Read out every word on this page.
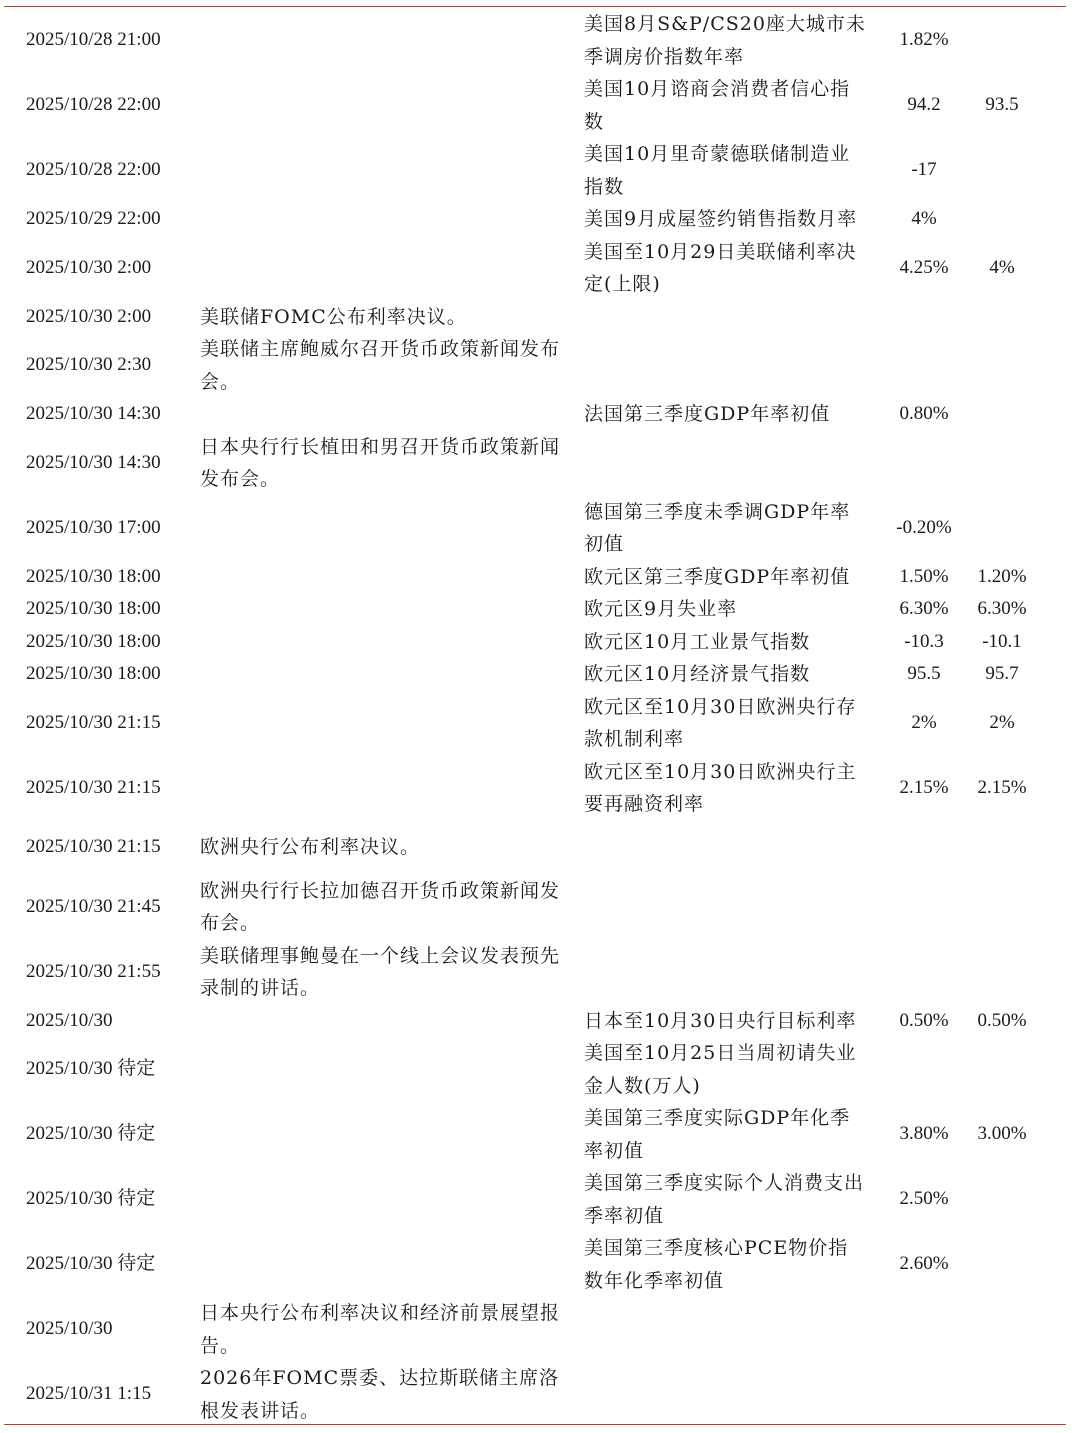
2025/10/28 21:00		美国8月S&P/CS20座大城市未季调房价指数年率	1.82%	
2025/10/28 22:00		美国10月谘商会消费者信心指数	94.2	93.5
2025/10/28 22:00		美国10月里奇蒙德联储制造业指数	-17	
2025/10/29 22:00		美国9月成屋签约销售指数月率	4%	
2025/10/30 2:00		美国至10月29日美联储利率决定(上限)	4.25%	4%
2025/10/30 2:00	美联储FOMC公布利率决议。			
2025/10/30 2:30	美联储主席鲍威尔召开货币政策新闻发布会。			
2025/10/30 14:30		法国第三季度GDP年率初值	0.80%	
2025/10/30 14:30	日本央行行长植田和男召开货币政策新闻发布会。			
2025/10/30 17:00		德国第三季度未季调GDP年率初值	-0.20%	
2025/10/30 18:00		欧元区第三季度GDP年率初值	1.50%	1.20%
2025/10/30 18:00		欧元区9月失业率	6.30%	6.30%
2025/10/30 18:00		欧元区10月工业景气指数	-10.3	-10.1
2025/10/30 18:00		欧元区10月经济景气指数	95.5	95.7
2025/10/30 21:15		欧元区至10月30日欧洲央行存款机制利率	2%	2%
2025/10/30 21:15		欧元区至10月30日欧洲央行主要再融资利率	2.15%	2.15%
2025/10/30 21:15	欧洲央行公布利率决议。			
2025/10/30 21:45	欧洲央行行长拉加德召开货币政策新闻发布会。			
2025/10/30 21:55	美联储理事鲍曼在一个线上会议发表预先录制的讲话。			
2025/10/30		日本至10月30日央行目标利率	0.50%	0.50%
2025/10/30 待定		美国至10月25日当周初请失业金人数(万人)		
2025/10/30 待定		美国第三季度实际GDP年化季率初值	3.80%	3.00%
2025/10/30 待定		美国第三季度实际个人消费支出季率初值	2.50%	
2025/10/30 待定		美国第三季度核心PCE物价指数年化季率初值	2.60%	
2025/10/30	日本央行公布利率决议和经济前景展望报告。			
2025/10/31 1:15	2026年FOMC票委、达拉斯联储主席洛根发表讲话。			
